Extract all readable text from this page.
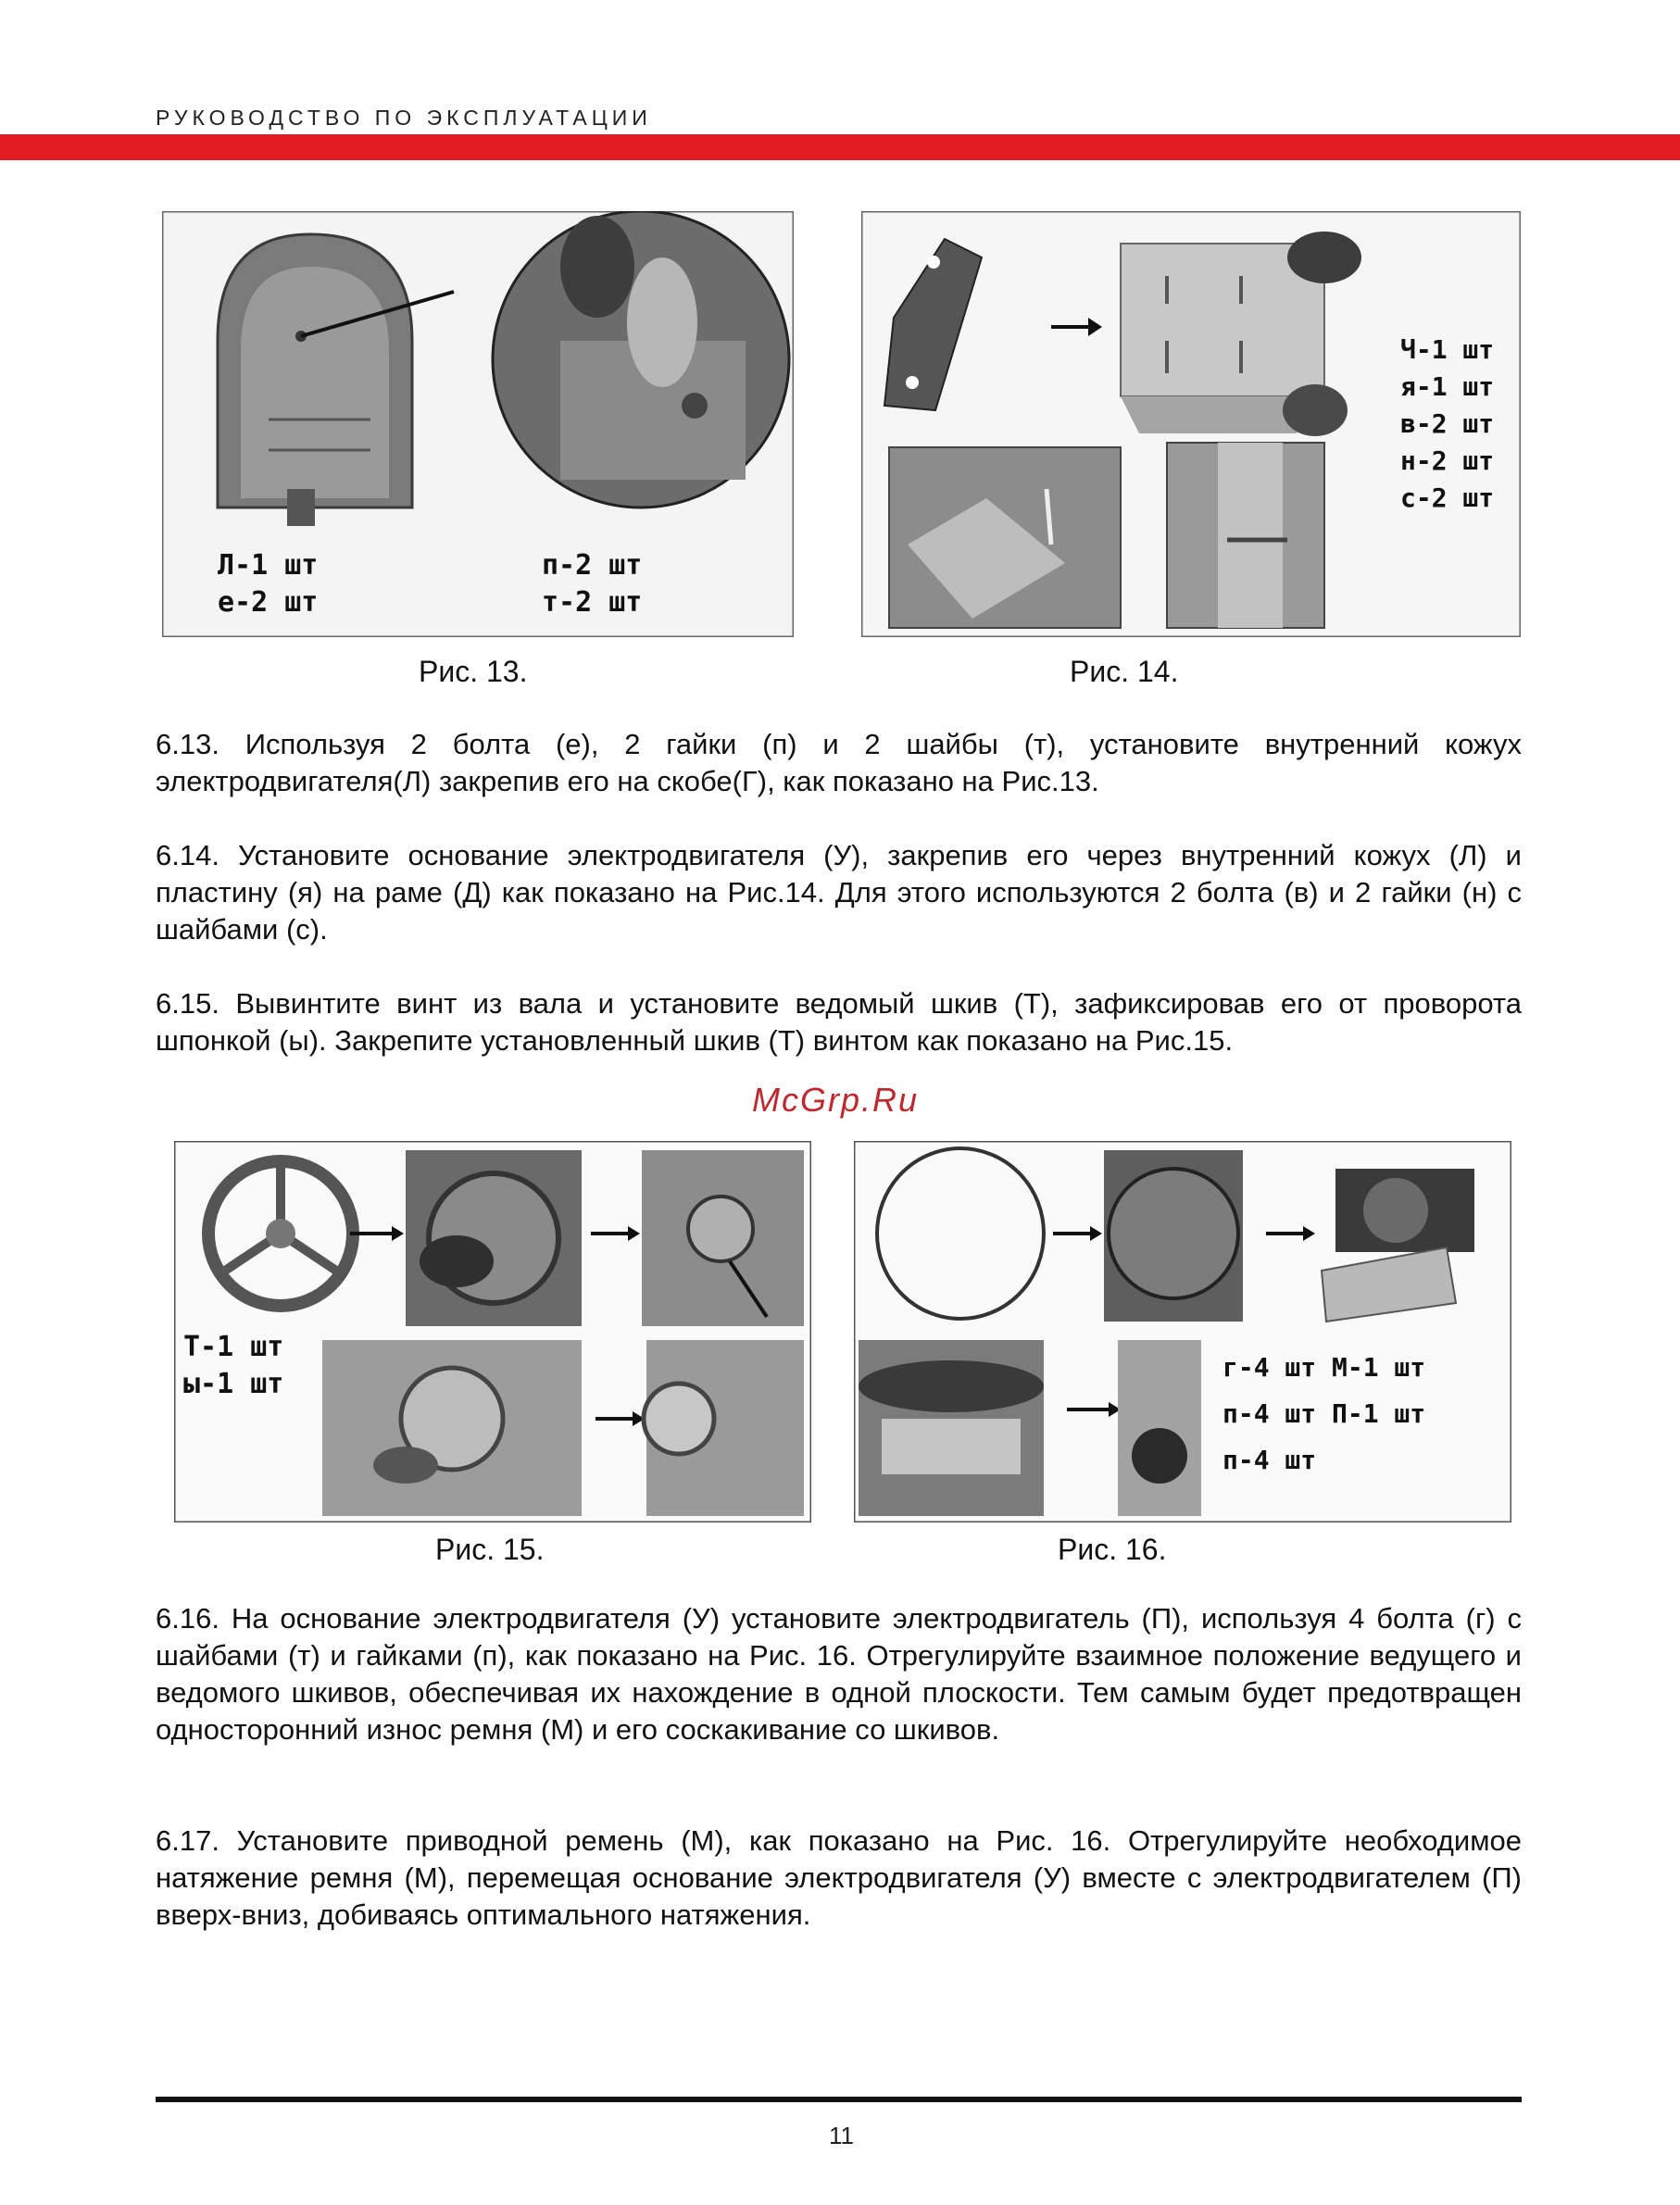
РУКОВОДСТВО ПО ЭКСПЛУАТАЦИИ
Л-1 шт
е-2 шт
п-2 шт
т-2 шт
Рис. 13.
Ч-1 шт
я-1 шт
в-2 шт
н-2 шт
с-2 шт
Рис. 14.
6.13. Используя 2 болта (е), 2 гайки (п) и 2 шайбы (т), установите внутренний кожух электродвигателя(Л) закрепив его на скобе(Г), как показано на Рис.13.
6.14. Установите основание электродвигателя (У), закрепив его через внутренний кожух (Л) и пластину (я) на раме (Д) как показано на Рис.14. Для этого используются 2 болта (в) и 2 гайки (н) с шайбами (с).
6.15. Вывинтите винт из вала и установите ведомый шкив (Т), зафиксировав его от проворота шпонкой (ы). Закрепите установленный шкив (Т) винтом как показано на Рис.15.
McGrp.Ru
Т-1 шт
ы-1 шт
Рис. 15.
г-4 шт М-1 шт
п-4 шт П-1 шт
п-4 шт
Рис. 16.
6.16. На основание электродвигателя (У) установите электродвигатель (П), используя 4 болта (г) с шайбами (т) и гайками (п), как показано на Рис. 16. Отрегулируйте взаимное положение ведущего и ведомого шкивов, обеспечивая их нахождение в одной плоскости. Тем самым будет предотвращен односторонний износ ремня (М) и его соскакивание со шкивов.
6.17. Установите приводной ремень (М), как показано на Рис. 16. Отрегулируйте необходимое натяжение ремня (М), перемещая основание электродвигателя (У) вместе с электродвигателем (П) вверх-вниз, добиваясь оптимального натяжения.
11
